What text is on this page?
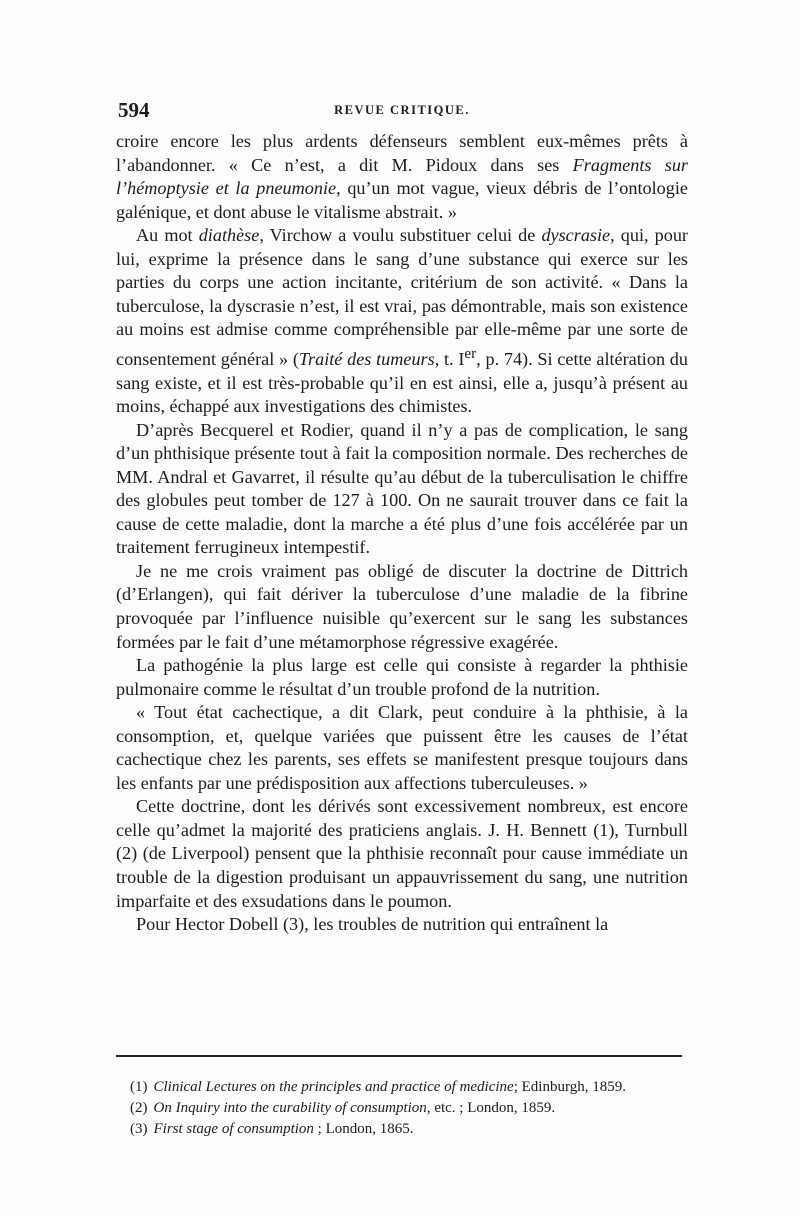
594	REVUE CRITIQUE.

croire encore les plus ardents défenseurs semblent eux-mêmes prêts à l’abandonner. « Ce n’est, a dit M. Pidoux dans ses Fragments sur l’hémoptysie et la pneumonie, qu’un mot vague, vieux débris de l’ontologie galénique, et dont abuse le vitalisme abstrait. »

Au mot diathèse, Virchow a voulu substituer celui de dyscrasie, qui, pour lui, exprime la présence dans le sang d’une substance qui exerce sur les parties du corps une action incitante, critérium de son activité. « Dans la tuberculose, la dyscrasie n’est, il est vrai, pas démontrable, mais son existence au moins est admise comme compréhensible par elle-même par une sorte de consentement général » (Traité des tumeurs, t. Ier, p. 74). Si cette altération du sang existe, et il est très-probable qu’il en est ainsi, elle a, jusqu’à présent au moins, échappé aux investigations des chimistes.

D’après Becquerel et Rodier, quand il n’y a pas de complication, le sang d’un phthisique présente tout à fait la composition normale. Des recherches de MM. Andral et Gavarret, il résulte qu’au début de la tuberculisation le chiffre des globules peut tomber de 127 à 100. On ne saurait trouver dans ce fait la cause de cette maladie, dont la marche a été plus d’une fois accélérée par un traitement ferrugineux intempestif.

Je ne me crois vraiment pas obligé de discuter la doctrine de Dittrich (d’Erlangen), qui fait dériver la tuberculose d’une maladie de la fibrine provoquée par l’influence nuisible qu’exercent sur le sang les substances formées par le fait d’une métamorphose régressive exagérée.

La pathogénie la plus large est celle qui consiste à regarder la phthisie pulmonaire comme le résultat d’un trouble profond de la nutrition.

« Tout état cachectique, a dit Clark, peut conduire à la phthisie, à la consomption, et, quelque variées que puissent être les causes de l’état cachectique chez les parents, ses effets se manifestent presque toujours dans les enfants par une prédisposition aux affections tuberculeuses. »

Cette doctrine, dont les dérivés sont excessivement nombreux, est encore celle qu’admet la majorité des praticiens anglais. J. H. Bennett (1), Turnbull (2) (de Liverpool) pensent que la phthisie reconnaît pour cause immédiate un trouble de la digestion produisant un appauvrissement du sang, une nutrition imparfaite et des exsudations dans le poumon.

Pour Hector Dobell (3), les troubles de nutrition qui entraînent la

(1) Clinical Lectures on the principles and practice of medicine; Edinburgh, 1859.

(2) On Inquiry into the curability of consumption, etc. ; London, 1859.

(3) First stage of consumption ; London, 1865.
